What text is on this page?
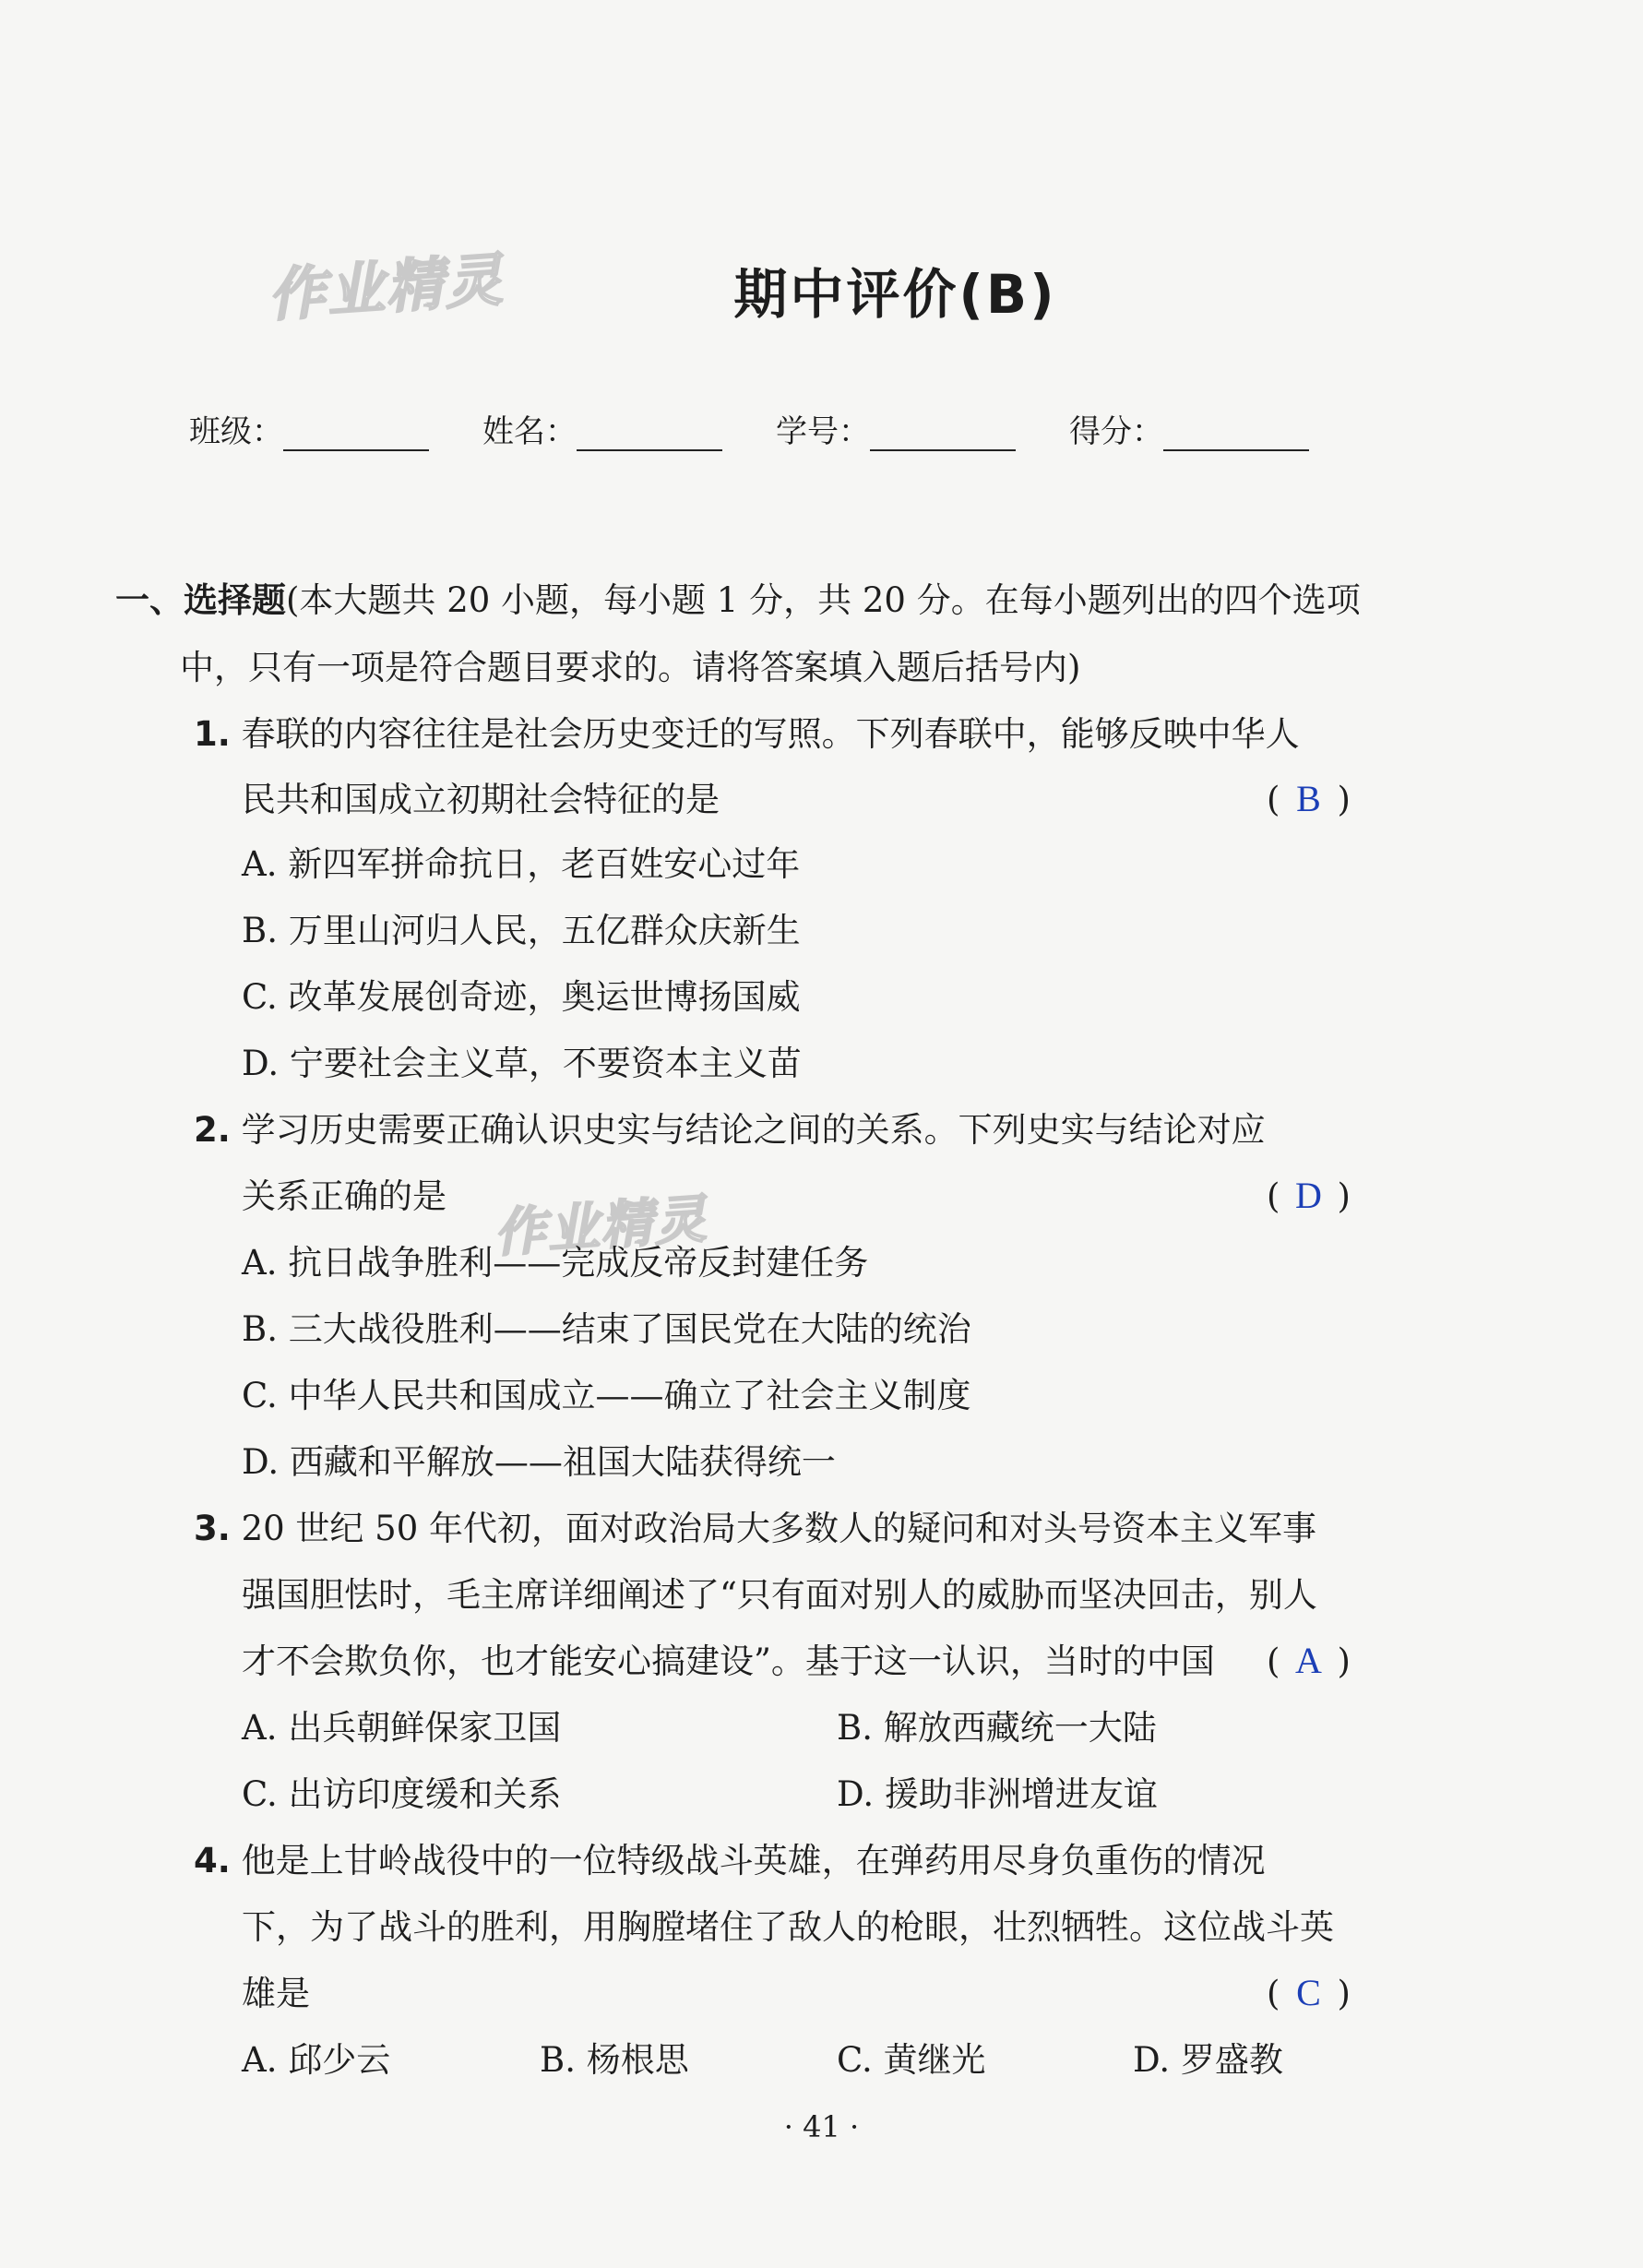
作业精灵
作业精灵
期中评价(B)
班级：	姓名：	学号：	得分：
一、选择题(本大题共 20 小题，每小题 1 分，共 20 分。在每小题列出的四个选项
中，只有一项是符合题目要求的。请将答案填入题后括号内)
1. 春联的内容往往是社会历史变迁的写照。下列春联中，能够反映中华人
民共和国成立初期社会特征的是	( B )
A. 新四军拼命抗日，老百姓安心过年
B. 万里山河归人民，五亿群众庆新生
C. 改革发展创奇迹，奥运世博扬国威
D. 宁要社会主义草，不要资本主义苗
2. 学习历史需要正确认识史实与结论之间的关系。下列史实与结论对应
关系正确的是	( D )
A. 抗日战争胜利——完成反帝反封建任务
B. 三大战役胜利——结束了国民党在大陆的统治
C. 中华人民共和国成立——确立了社会主义制度
D. 西藏和平解放——祖国大陆获得统一
3. 20 世纪 50 年代初，面对政治局大多数人的疑问和对头号资本主义军事
强国胆怯时，毛主席详细阐述了“只有面对别人的威胁而坚决回击，别人
才不会欺负你，也才能安心搞建设”。基于这一认识，当时的中国 ( A )
A. 出兵朝鲜保家卫国	B. 解放西藏统一大陆
C. 出访印度缓和关系	D. 援助非洲增进友谊
4. 他是上甘岭战役中的一位特级战斗英雄，在弹药用尽身负重伤的情况
下，为了战斗的胜利，用胸膛堵住了敌人的枪眼，壮烈牺牲。这位战斗英
雄是	( C )
A. 邱少云	B. 杨根思	C. 黄继光	D. 罗盛教
· 41 ·
